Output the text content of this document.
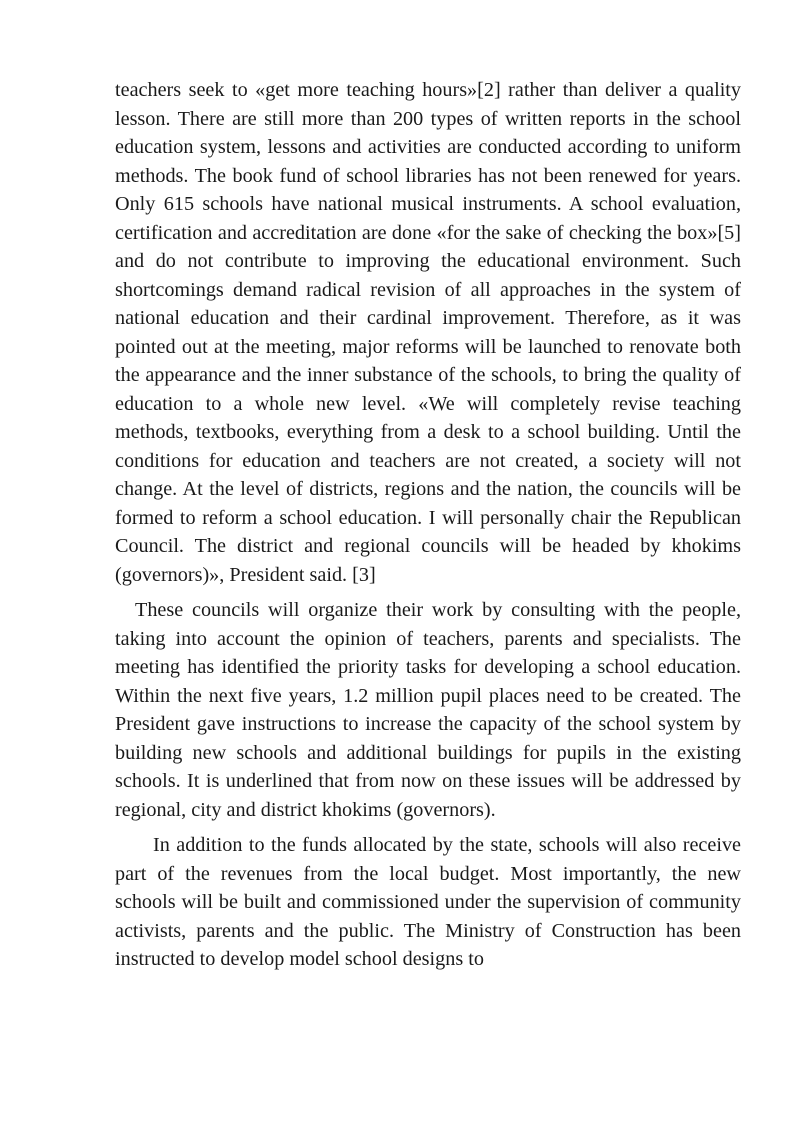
teachers seek to «get more teaching hours»[2] rather than deliver a quality lesson. There are still more than 200 types of written reports in the school education system, lessons and activities are conducted according to uniform methods. The book fund of school libraries has not been renewed for years. Only 615 schools have national musical instruments. A school evaluation, certification and accreditation are done «for the sake of checking the box»[5] and do not contribute to improving the educational environment. Such shortcomings demand radical revision of all approaches in the system of national education and their cardinal improvement. Therefore, as it was pointed out at the meeting, major reforms will be launched to renovate both the appearance and the inner substance of the schools, to bring the quality of education to a whole new level. «We will completely revise teaching methods, textbooks, everything from a desk to a school building. Until the conditions for education and teachers are not created, a society will not change. At the level of districts, regions and the nation, the councils will be formed to reform a school education. I will personally chair the Republican Council. The district and regional councils will be headed by khokims (governors)», President said. [3]

These councils will organize their work by consulting with the people, taking into account the opinion of teachers, parents and specialists. The meeting has identified the priority tasks for developing a school education. Within the next five years, 1.2 million pupil places need to be created. The President gave instructions to increase the capacity of the school system by building new schools and additional buildings for pupils in the existing schools. It is underlined that from now on these issues will be addressed by regional, city and district khokims (governors).

In addition to the funds allocated by the state, schools will also receive part of the revenues from the local budget. Most importantly, the new schools will be built and commissioned under the supervision of community activists, parents and the public. The Ministry of Construction has been instructed to develop model school designs to
